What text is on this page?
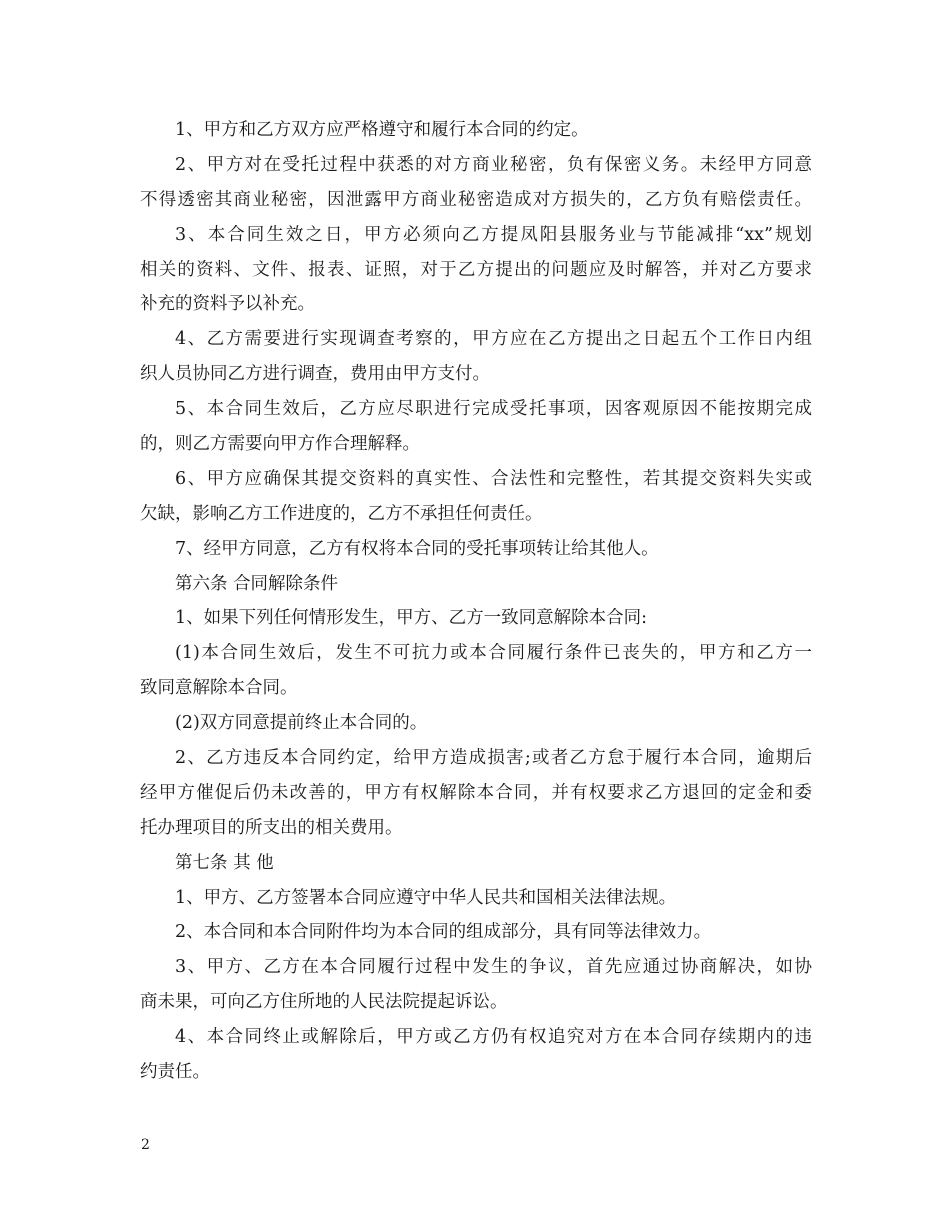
1、甲方和乙方双方应严格遵守和履行本合同的约定。
2、甲方对在受托过程中获悉的对方商业秘密，负有保密义务。未经甲方同意
不得透密其商业秘密，因泄露甲方商业秘密造成对方损失的，乙方负有赔偿责任。
3、本合同生效之日，甲方必须向乙方提凤阳县服务业与节能减排“xx”规划
相关的资料、文件、报表、证照，对于乙方提出的问题应及时解答，并对乙方要求
补充的资料予以补充。
4、乙方需要进行实现调查考察的，甲方应在乙方提出之日起五个工作日内组
织人员协同乙方进行调查，费用由甲方支付。
5、本合同生效后，乙方应尽职进行完成受托事项，因客观原因不能按期完成
的，则乙方需要向甲方作合理解释。
6、甲方应确保其提交资料的真实性、合法性和完整性，若其提交资料失实或
欠缺，影响乙方工作进度的，乙方不承担任何责任。
7、经甲方同意，乙方有权将本合同的受托事项转让给其他人。
第六条 合同解除条件
1、如果下列任何情形发生，甲方、乙方一致同意解除本合同:
(1)本合同生效后，发生不可抗力或本合同履行条件已丧失的，甲方和乙方一
致同意解除本合同。
(2)双方同意提前终止本合同的。
2、乙方违反本合同约定，给甲方造成损害;或者乙方怠于履行本合同，逾期后
经甲方催促后仍未改善的，甲方有权解除本合同，并有权要求乙方退回的定金和委
托办理项目的所支出的相关费用。
第七条 其 他
1、甲方、乙方签署本合同应遵守中华人民共和国相关法律法规。
2、本合同和本合同附件均为本合同的组成部分，具有同等法律效力。
3、甲方、乙方在本合同履行过程中发生的争议，首先应通过协商解决，如协
商未果，可向乙方住所地的人民法院提起诉讼。
4、本合同终止或解除后，甲方或乙方仍有权追究对方在本合同存续期内的违
约责任。
2
